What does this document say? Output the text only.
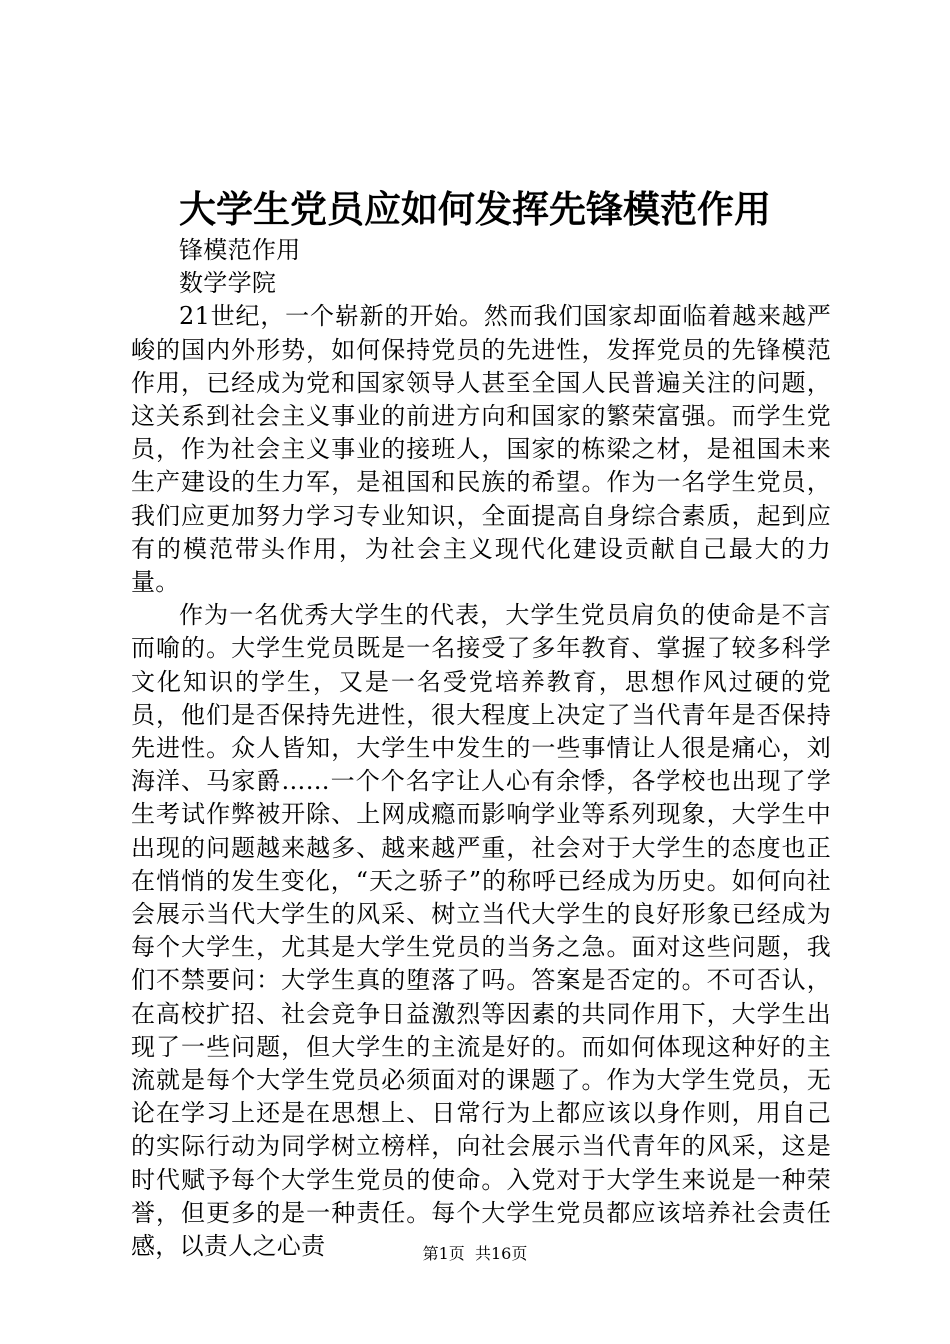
大学生党员应如何发挥先锋模范作用

锋模范作用

数学学院

21世纪，一个崭新的开始。然而我们国家却面临着越来越严峻的国内外形势，如何保持党员的先进性，发挥党员的先锋模范作用，已经成为党和国家领导人甚至全国人民普遍关注的问题，这关系到社会主义事业的前进方向和国家的繁荣富强。而学生党员，作为社会主义事业的接班人，国家的栋梁之材，是祖国未来生产建设的生力军，是祖国和民族的希望。作为一名学生党员，我们应更加努力学习专业知识，全面提高自身综合素质，起到应有的模范带头作用，为社会主义现代化建设贡献自己最大的力量。

作为一名优秀大学生的代表，大学生党员肩负的使命是不言而喻的。大学生党员既是一名接受了多年教育、掌握了较多科学文化知识的学生，又是一名受党培养教育，思想作风过硬的党员，他们是否保持先进性，很大程度上决定了当代青年是否保持先进性。众人皆知，大学生中发生的一些事情让人很是痛心，刘海洋、马家爵……一个个名字让人心有余悸，各学校也出现了学生考试作弊被开除、上网成瘾而影响学业等系列现象，大学生中出现的问题越来越多、越来越严重，社会对于大学生的态度也正在悄悄的发生变化，“天之骄子”的称呼已经成为历史。如何向社会展示当代大学生的风采、树立当代大学生的良好形象已经成为每个大学生，尤其是大学生党员的当务之急。面对这些问题，我们不禁要问：大学生真的堕落了吗。答案是否定的。不可否认，在高校扩招、社会竞争日益激烈等因素的共同作用下，大学生出现了一些问题，但大学生的主流是好的。而如何体现这种好的主流就是每个大学生党员必须面对的课题了。作为大学生党员，无论在学习上还是在思想上、日常行为上都应该以身作则，用自己的实际行动为同学树立榜样，向社会展示当代青年的风采，这是时代赋予每个大学生党员的使命。入党对于大学生来说是一种荣誉，但更多的是一种责任。每个大学生党员都应该培养社会责任感，以责人之心责	第1页 共16页
